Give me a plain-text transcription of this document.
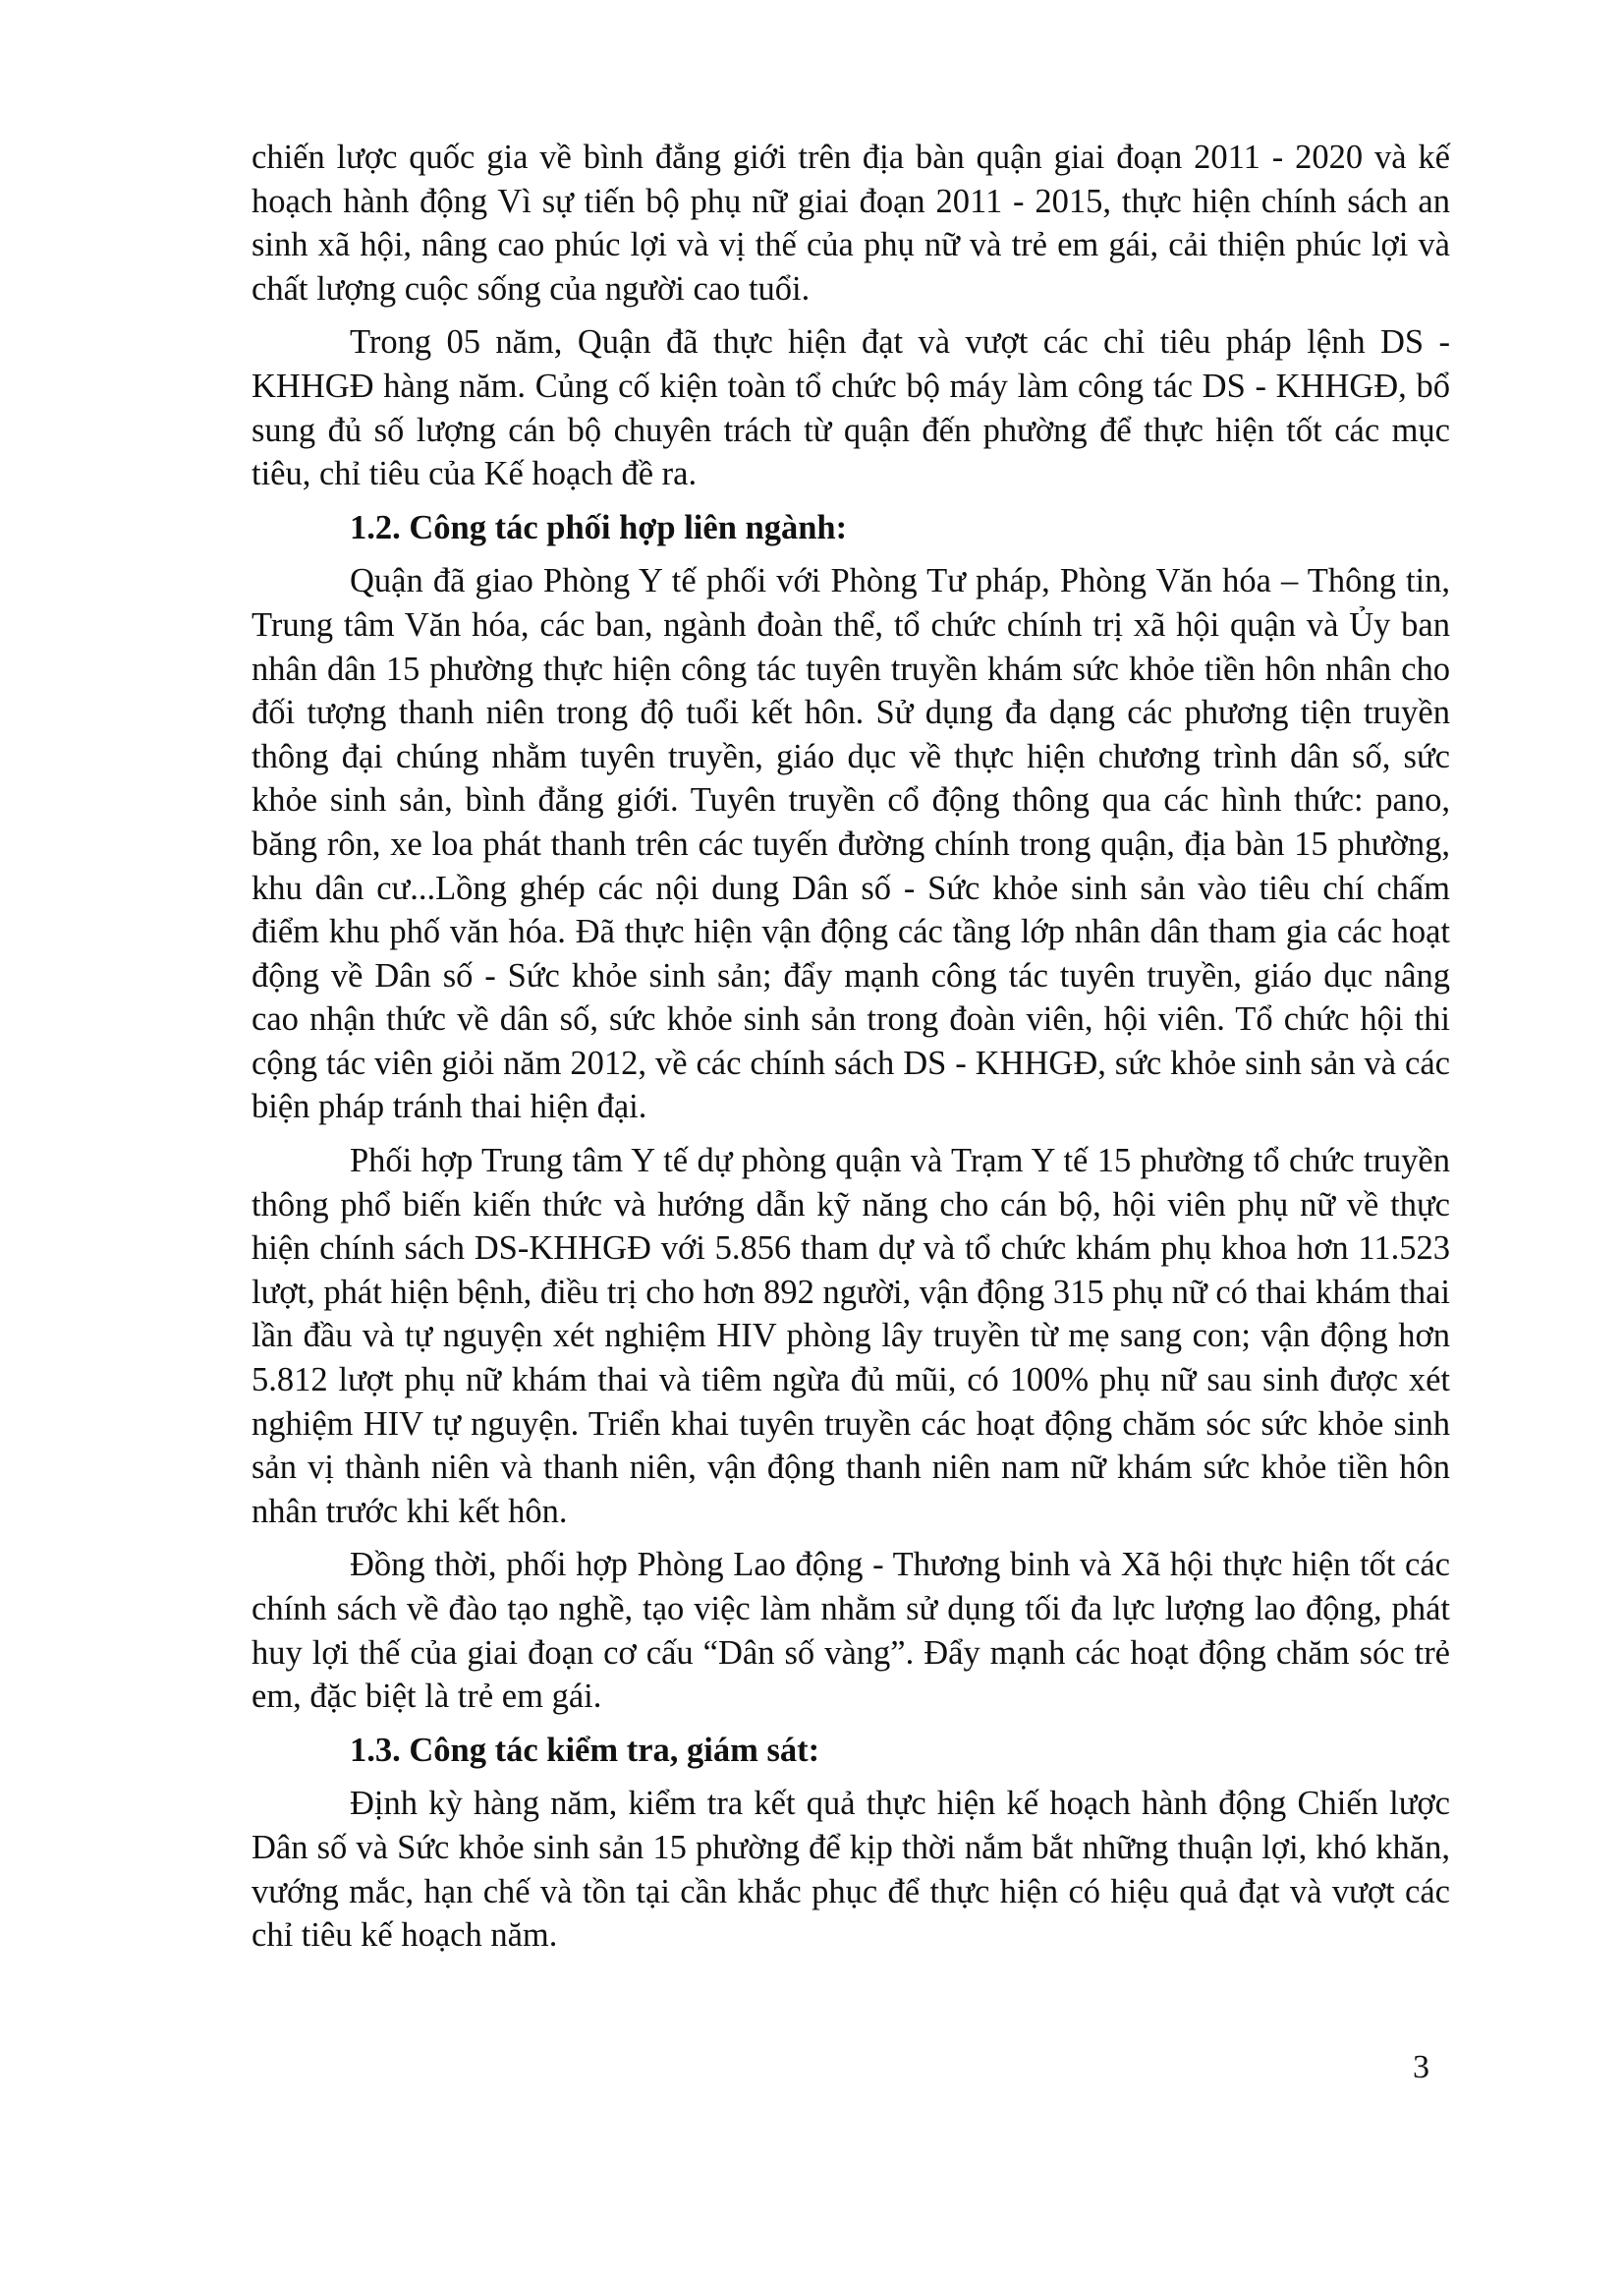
chiến lược quốc gia về bình đẳng giới trên địa bàn quận giai đoạn 2011 - 2020 và kế hoạch hành động Vì sự tiến bộ phụ nữ giai đoạn 2011 - 2015, thực hiện chính sách an sinh xã hội, nâng cao phúc lợi và vị thế của phụ nữ và trẻ em gái, cải thiện phúc lợi và chất lượng cuộc sống của người cao tuổi.

Trong 05 năm, Quận đã thực hiện đạt và vượt các chỉ tiêu pháp lệnh DS - KHHGĐ hàng năm. Củng cố kiện toàn tổ chức bộ máy làm công tác DS - KHHGĐ, bổ sung đủ số lượng cán bộ chuyên trách từ quận đến phường để thực hiện tốt các mục tiêu, chỉ tiêu của Kế hoạch đề ra.

1.2. Công tác phối hợp liên ngành:

Quận đã giao Phòng Y tế phối với Phòng Tư pháp, Phòng Văn hóa – Thông tin, Trung tâm Văn hóa, các ban, ngành đoàn thể, tổ chức chính trị xã hội quận và Ủy ban nhân dân 15 phường thực hiện công tác tuyên truyền khám sức khỏe tiền hôn nhân cho đối tượng thanh niên trong độ tuổi kết hôn. Sử dụng đa dạng các phương tiện truyền thông đại chúng nhằm tuyên truyền, giáo dục về thực hiện chương trình dân số, sức khỏe sinh sản, bình đẳng giới. Tuyên truyền cổ động thông qua các hình thức: pano, băng rôn, xe loa phát thanh trên các tuyến đường chính trong quận, địa bàn 15 phường, khu dân cư...Lồng ghép các nội dung Dân số - Sức khỏe sinh sản vào tiêu chí chấm điểm khu phố văn hóa. Đã thực hiện vận động các tầng lớp nhân dân tham gia các hoạt động về Dân số - Sức khỏe sinh sản; đẩy mạnh công tác tuyên truyền, giáo dục nâng cao nhận thức về dân số, sức khỏe sinh sản trong đoàn viên, hội viên. Tổ chức hội thi cộng tác viên giỏi năm 2012, về các chính sách DS - KHHGĐ, sức khỏe sinh sản và các biện pháp tránh thai hiện đại.

Phối hợp Trung tâm Y tế dự phòng quận và Trạm Y tế 15 phường tổ chức truyền thông phổ biến kiến thức và hướng dẫn kỹ năng cho cán bộ, hội viên phụ nữ về thực hiện chính sách DS-KHHGĐ với 5.856 tham dự và tổ chức khám phụ khoa hơn 11.523 lượt, phát hiện bệnh, điều trị cho hơn 892 người, vận động 315 phụ nữ có thai khám thai lần đầu và tự nguyện xét nghiệm HIV phòng lây truyền từ mẹ sang con; vận động hơn 5.812 lượt phụ nữ khám thai và tiêm ngừa đủ mũi, có 100% phụ nữ sau sinh được xét nghiệm HIV tự nguyện. Triển khai tuyên truyền các hoạt động chăm sóc sức khỏe sinh sản vị thành niên và thanh niên, vận động thanh niên nam nữ khám sức khỏe tiền hôn nhân trước khi kết hôn.

Đồng thời, phối hợp Phòng Lao động - Thương binh và Xã hội thực hiện tốt các chính sách về đào tạo nghề, tạo việc làm nhằm sử dụng tối đa lực lượng lao động, phát huy lợi thế của giai đoạn cơ cấu “Dân số vàng”. Đẩy mạnh các hoạt động chăm sóc trẻ em, đặc biệt là trẻ em gái.

1.3. Công tác kiểm tra, giám sát:

Định kỳ hàng năm, kiểm tra kết quả thực hiện kế hoạch hành động Chiến lược Dân số và Sức khỏe sinh sản 15 phường để kịp thời nắm bắt những thuận lợi, khó khăn, vướng mắc, hạn chế và tồn tại cần khắc phục để thực hiện có hiệu quả đạt và vượt các chỉ tiêu kế hoạch năm.

3
